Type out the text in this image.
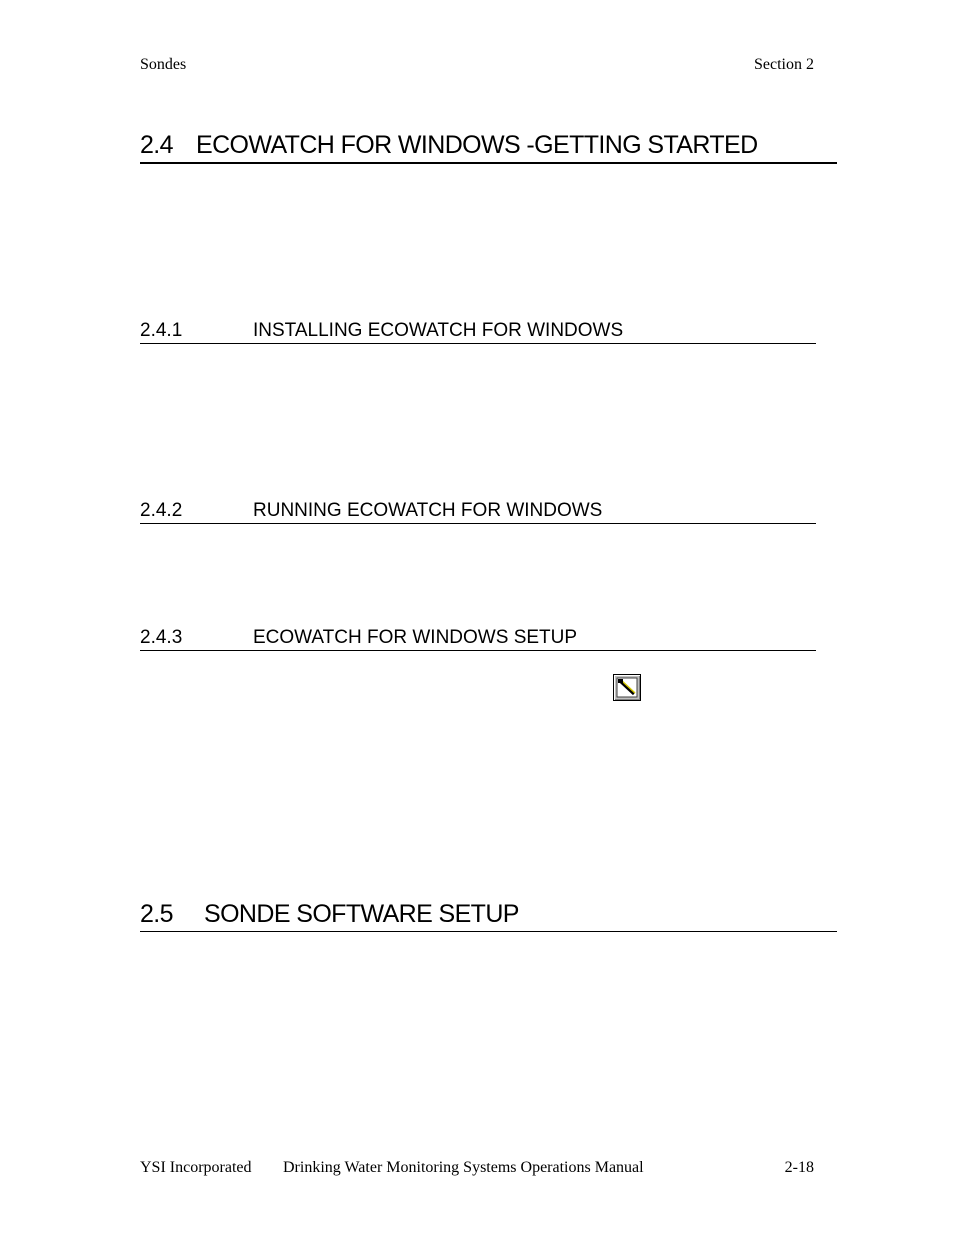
Sondes	Section 2
2.4 ECOWATCH FOR WINDOWS -GETTING STARTED
2.4.1	INSTALLING ECOWATCH FOR WINDOWS
2.4.2	RUNNING ECOWATCH FOR WINDOWS
2.4.3	ECOWATCH FOR WINDOWS SETUP
2.5 SONDE SOFTWARE SETUP
YSI Incorporated Drinking Water Monitoring Systems Operations Manual	2-18
